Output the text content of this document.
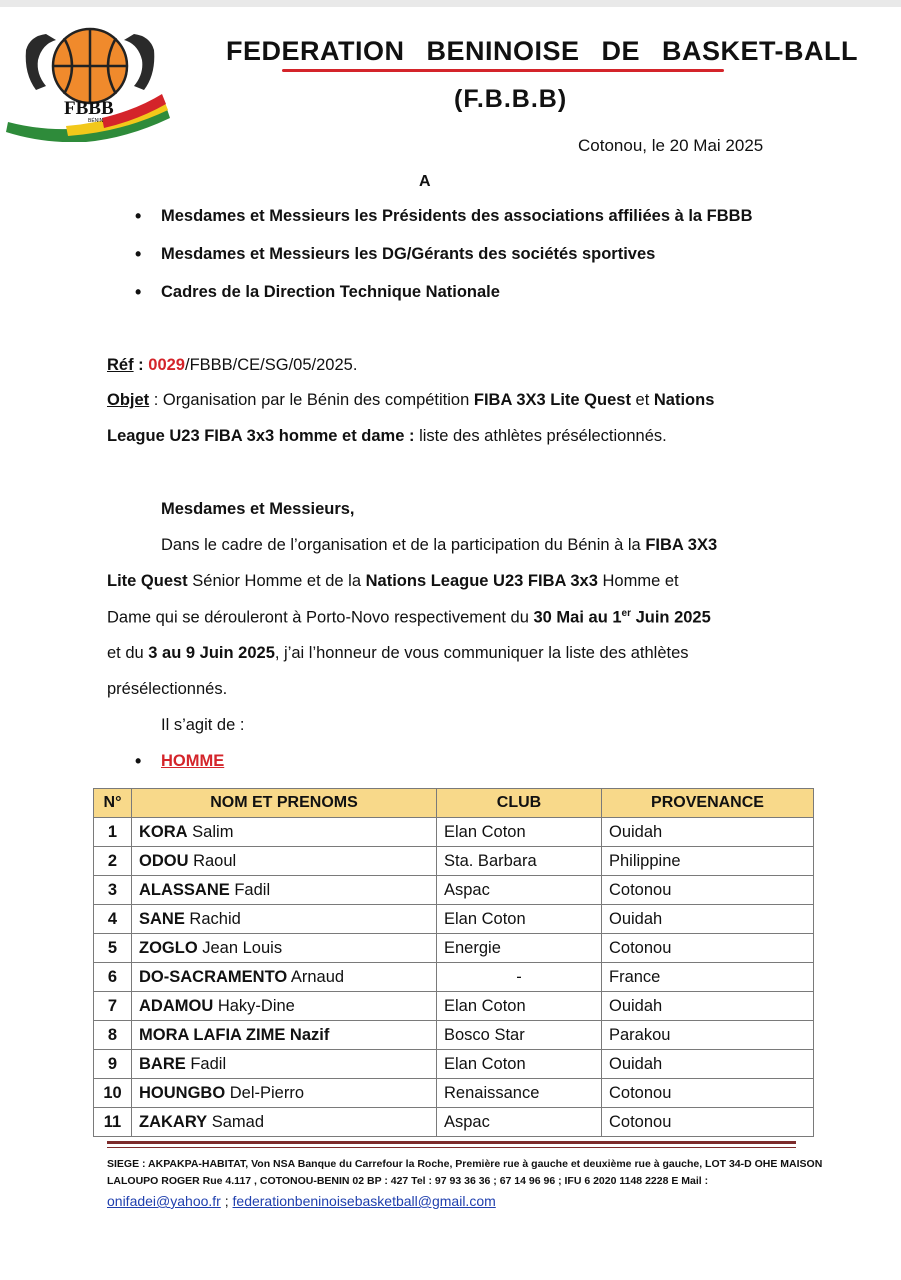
FBBB
BÉNIN
FEDERATION BENINOISE DE BASKET-BALL
(F.B.B.B)
Cotonou, le 20 Mai 2025
A
• Mesdames et Messieurs les Présidents des associations affiliées à la FBBB
• Mesdames et Messieurs les DG/Gérants des sociétés sportives
• Cadres de la Direction Technique Nationale
Réf : 0029/FBBB/CE/SG/05/2025.
Objet : Organisation par le Bénin des compétition FIBA 3X3 Lite Quest et Nations
League U23 FIBA 3x3 homme et dame : liste des athlètes présélectionnés.
Mesdames et Messieurs,
Dans le cadre de l’organisation et de la participation du Bénin à la FIBA 3X3
Lite Quest Sénior Homme et de la Nations League U23 FIBA 3x3 Homme et
Dame qui se dérouleront à Porto-Novo respectivement du 30 Mai au 1er Juin 2025
et du 3 au 9 Juin 2025, j’ai l’honneur de vous communiquer la liste des athlètes
présélectionnés.
Il s’agit de :
• HOMME
N°	NOM ET PRENOMS	CLUB	PROVENANCE
1	KORA Salim	Elan Coton	Ouidah
2	ODOU Raoul	Sta. Barbara	Philippine
3	ALASSANE Fadil	Aspac	Cotonou
4	SANE Rachid	Elan Coton	Ouidah
5	ZOGLO Jean Louis	Energie	Cotonou
6	DO-SACRAMENTO Arnaud	-	France
7	ADAMOU Haky-Dine	Elan Coton	Ouidah
8	MORA LAFIA ZIME Nazif	Bosco Star	Parakou
9	BARE Fadil	Elan Coton	Ouidah
10	HOUNGBO Del-Pierro	Renaissance	Cotonou
11	ZAKARY Samad	Aspac	Cotonou
SIEGE : AKPAKPA-HABITAT, Von NSA Banque du Carrefour la Roche, Première rue à gauche et deuxième rue à gauche, LOT 34-D OHE MAISON
LALOUPO ROGER Rue 4.117 , COTONOU-BENIN 02 BP : 427 Tel : 97 93 36 36 ; 67 14 96 96 ; IFU 6 2020 1148 2228 E Mail :
onifadei@yahoo.fr ; federationbeninoisebasketball@gmail.com
